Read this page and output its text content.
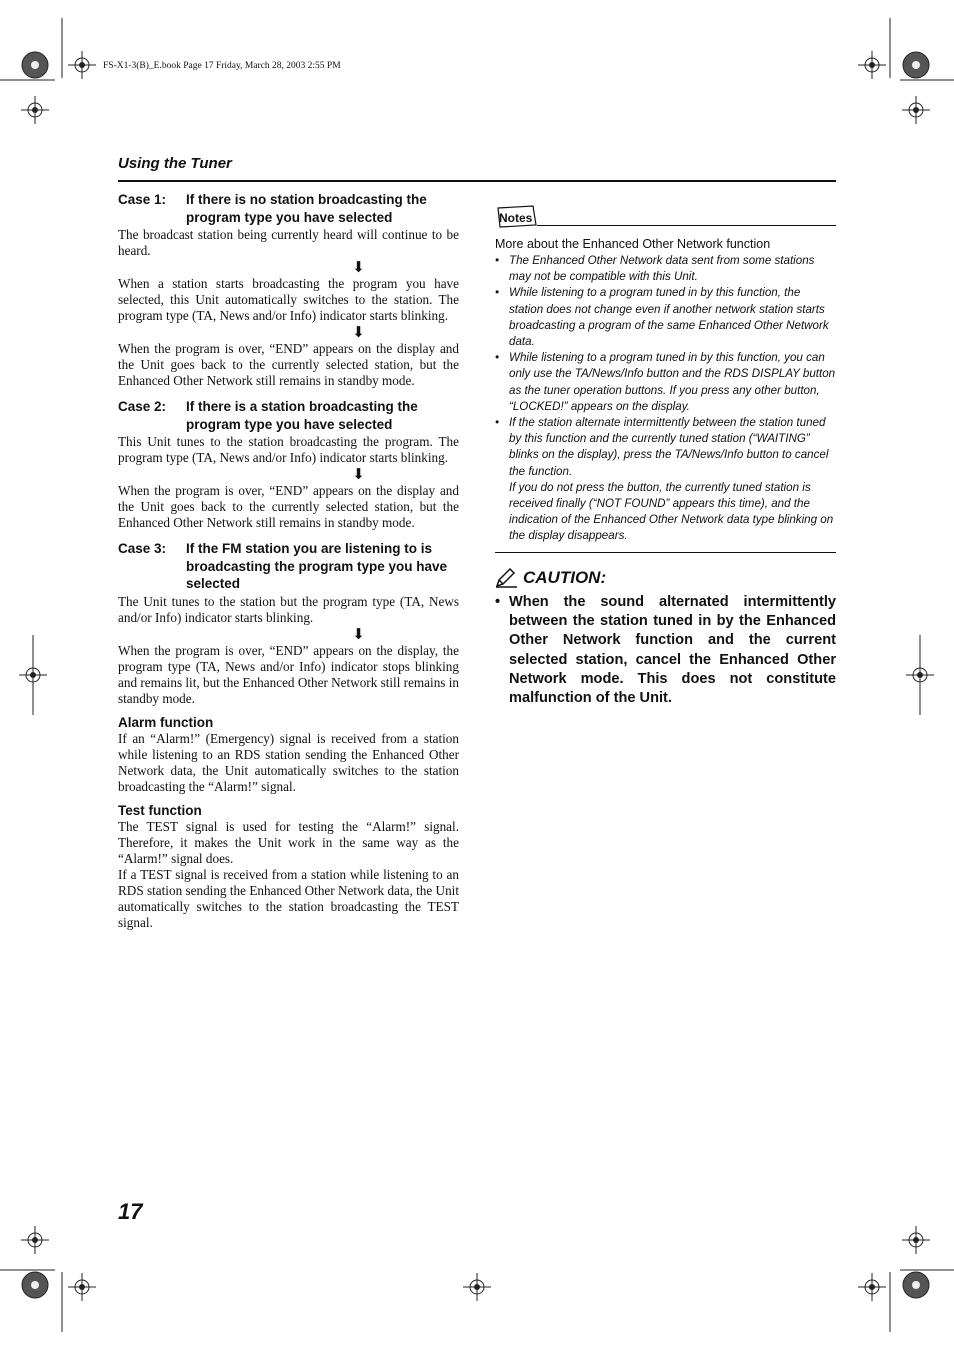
FS-X1-3(B)_E.book Page 17 Friday, March 28, 2003 2:55 PM
Using the Tuner
Case 1:	If there is no station broadcasting the program type you have selected

The broadcast station being currently heard will continue to be heard.

⬇

When a station starts broadcasting the program you have selected, this Unit automatically switches to the station. The program type (TA, News and/or Info) indicator starts blinking.

⬇

When the program is over, “END” appears on the display and the Unit goes back to the currently selected station, but the Enhanced Other Network still remains in standby mode.

Case 2:	If there is a station broadcasting the program type you have selected

This Unit tunes to the station broadcasting the program. The program type (TA, News and/or Info) indicator starts blinking.

⬇

When the program is over, “END” appears on the display and the Unit goes back to the currently selected station, but the Enhanced Other Network still remains in standby mode.

Case 3:	If the FM station you are listening to is broadcasting the program type you have selected

The Unit tunes to the station but the program type (TA, News and/or Info) indicator starts blinking.

⬇

When the program is over, “END” appears on the display, the program type (TA, News and/or Info) indicator stops blinking and remains lit, but the Enhanced Other Network still remains in standby mode.

Alarm function

If an “Alarm!” (Emergency) signal is received from a station while listening to an RDS station sending the Enhanced Other Network data, the Unit automatically switches to the station broadcasting the “Alarm!” signal.

Test function

The TEST signal is used for testing the “Alarm!” signal. Therefore, it makes the Unit work in the same way as the “Alarm!” signal does.

If a TEST signal is received from a station while listening to an RDS station sending the Enhanced Other Network data, the Unit automatically switches to the station broadcasting the TEST signal.

Notes
More about the Enhanced Other Network function
• The Enhanced Other Network data sent from some stations may not be compatible with this Unit.
• While listening to a program tuned in by this function, the station does not change even if another network station starts broadcasting a program of the same Enhanced Other Network data.
• While listening to a program tuned in by this function, you can only use the TA/News/Info button and the RDS DISPLAY button as the tuner operation buttons. If you press any other button, “LOCKED!” appears on the display.
• If the station alternate intermittently between the station tuned by this function and the currently tuned station (“WAITING” blinks on the display), press the TA/News/Info button to cancel the function.
If you do not press the button, the currently tuned station is received finally (“NOT FOUND” appears this time), and the indication of the Enhanced Other Network data type blinking on the display disappears.
CAUTION:
• When the sound alternated intermittently between the station tuned in by the Enhanced Other Network function and the current selected station, cancel the Enhanced Other Network mode. This does not constitute malfunction of the Unit.
17
